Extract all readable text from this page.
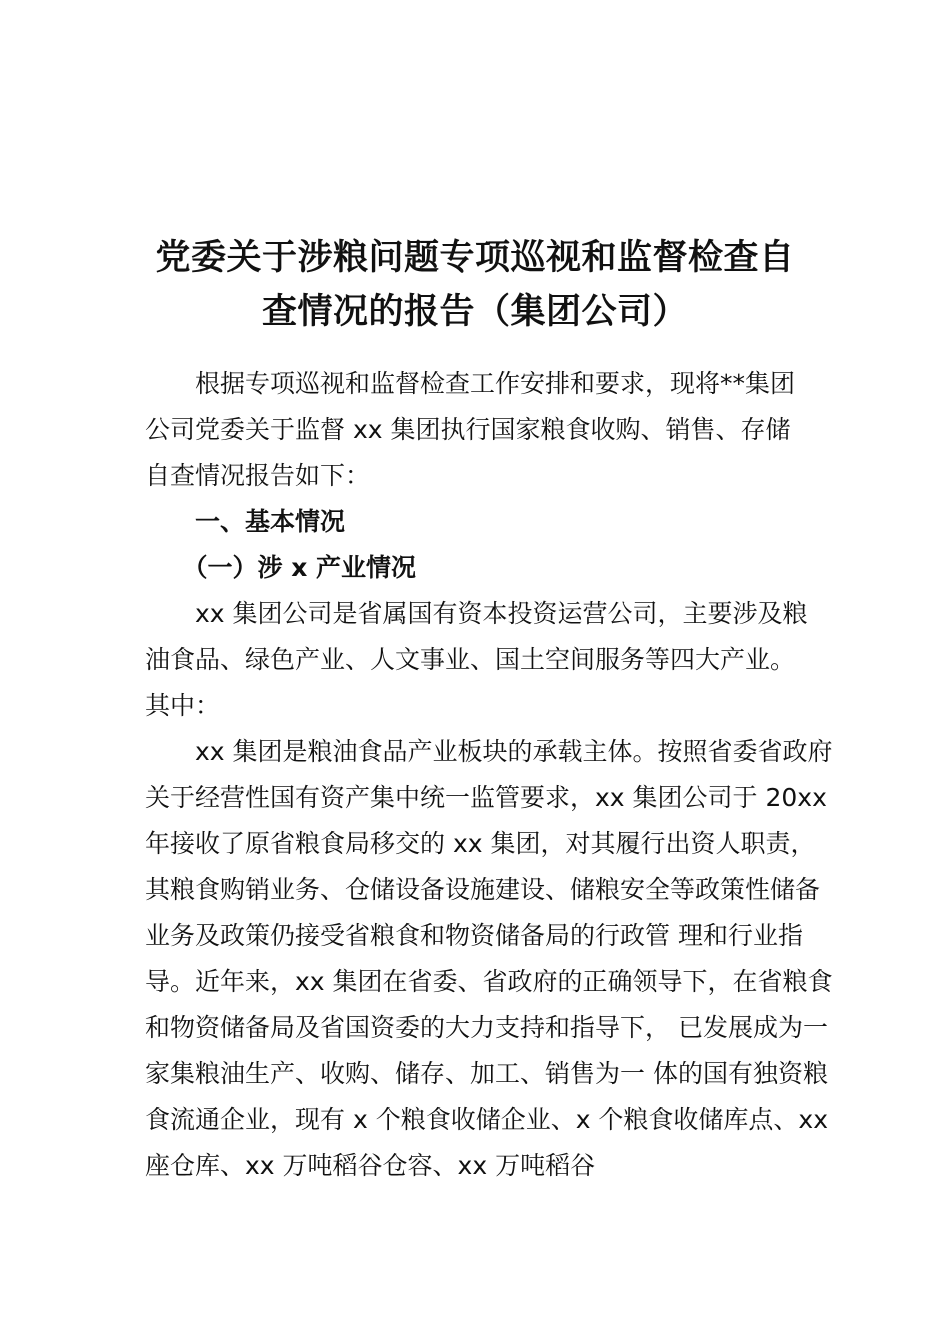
党委关于涉粮问题专项巡视和监督检查自
查情况的报告（集团公司）
　　根据专项巡视和监督检查工作安排和要求，现将**集团
公司党委关于监督 xx 集团执行国家粮食收购、销售、存储
自查情况报告如下：
　　一、基本情况
　　（一）涉 x 产业情况
　　xx 集团公司是省属国有资本投资运营公司，主要涉及粮
油食品、绿色产业、人文事业、国土空间服务等四大产业。
其中：
　　xx 集团是粮油食品产业板块的承载主体。按照省委省政府
关于经营性国有资产集中统一监管要求，xx 集团公司于 20xx
年接收了原省粮食局移交的 xx 集团，对其履行出资人职责，
其粮食购销业务、仓储设备设施建设、储粮安全等政策性储备
业务及政策仍接受省粮食和物资储备局的行政管 理和行业指
导。近年来，xx 集团在省委、省政府的正确领导下，在省粮食
和物资储备局及省国资委的大力支持和指导下， 已发展成为一
家集粮油生产、收购、储存、加工、销售为一 体的国有独资粮
食流通企业，现有 x 个粮食收储企业、x 个粮食收储库点、xx
座仓库、xx 万吨稻谷仓容、xx 万吨稻谷
